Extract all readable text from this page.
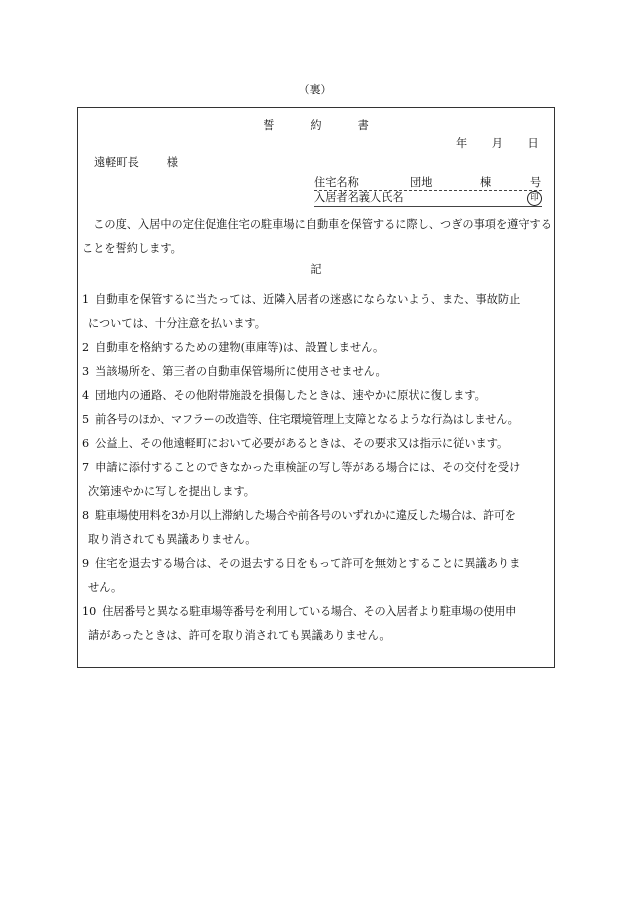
（裏）
誓	約	書
年 月 日
遠軽町長	様
住宅名称	団地	棟	号
入居者名義人氏名	印
この度、入居中の定住促進住宅の駐車場に自動車を保管するに際し、つぎの事項を遵守することを誓約します。
記
1 自動車を保管するに当たっては、近隣入居者の迷惑にならないよう、また、事故防止
については、十分注意を払います。
2 自動車を格納するための建物(車庫等)は、設置しません。
3 当該場所を、第三者の自動車保管場所に使用させません。
4 団地内の通路、その他附帯施設を損傷したときは、速やかに原状に復します。
5 前各号のほか、マフラーの改造等、住宅環境管理上支障となるような行為はしません。
6 公益上、その他遠軽町において必要があるときは、その要求又は指示に従います。
7 申請に添付することのできなかった車検証の写し等がある場合には、その交付を受け
次第速やかに写しを提出します。
8 駐車場使用料を3か月以上滞納した場合や前各号のいずれかに違反した場合は、許可を
取り消されても異議ありません。
9 住宅を退去する場合は、その退去する日をもって許可を無効とすることに異議ありま
せん。
10 住居番号と異なる駐車場等番号を利用している場合、その入居者より駐車場の使用申
請があったときは、許可を取り消されても異議ありません。
